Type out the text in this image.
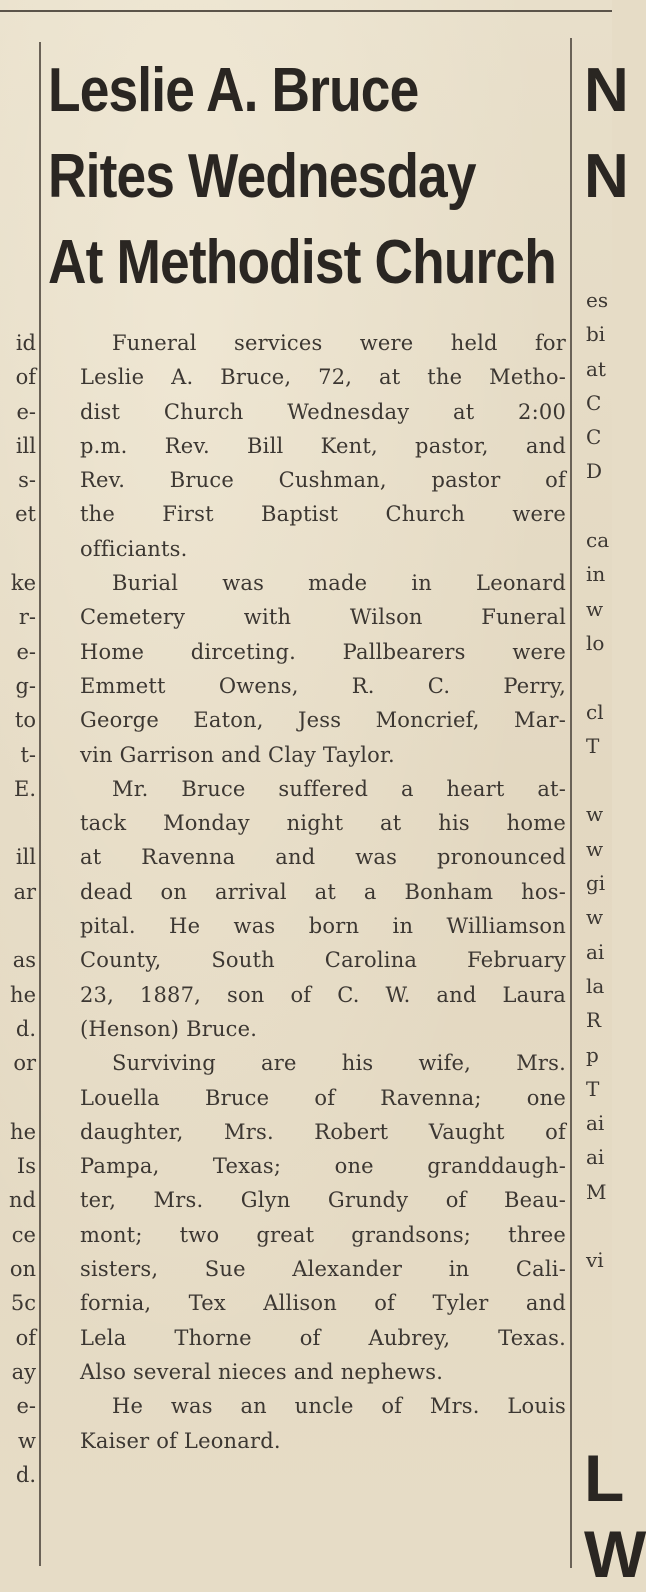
id
of
e-
ill
s-
et

ke
r-
e-
g-
to
t-
E.

ill
ar

as
he
d.
or

he
Is
nd
ce
on
5c
of
ay
e-
w
d.
Leslie A. Bruce
Rites Wednesday
At Methodist Church

Funeral services were held for
Leslie A. Bruce, 72, at the Metho-
dist Church Wednesday at 2:00
p.m. Rev. Bill Kent, pastor, and
Rev. Bruce Cushman, pastor of
the First Baptist Church were
officiants.

Burial was made in Leonard
Cemetery with Wilson Funeral
Home dirceting. Pallbearers were
Emmett Owens, R. C. Perry,
George Eaton, Jess Moncrief, Mar-
vin Garrison and Clay Taylor.

Mr. Bruce suffered a heart at-
tack Monday night at his home
at Ravenna and was pronounced
dead on arrival at a Bonham hos-
pital. He was born in Williamson
County, South Carolina February
23, 1887, son of C. W. and Laura
(Henson) Bruce.

Surviving are his wife, Mrs.
Louella Bruce of Ravenna; one
daughter, Mrs. Robert Vaught of
Pampa, Texas; one granddaugh-
ter, Mrs. Glyn Grundy of Beau-
mont; two great grandsons; three
sisters, Sue Alexander in Cali-
fornia, Tex Allison of Tyler and
Lela Thorne of Aubrey, Texas.
Also several nieces and nephews.

He was an uncle of Mrs. Louis
Kaiser of Leonard.

N
N
es
bi
at
C
C
D

ca
in
w
lo

cl
T

w
w
gi
w
ai
la
R
p
T
ai
ai
M

vi
L
W
